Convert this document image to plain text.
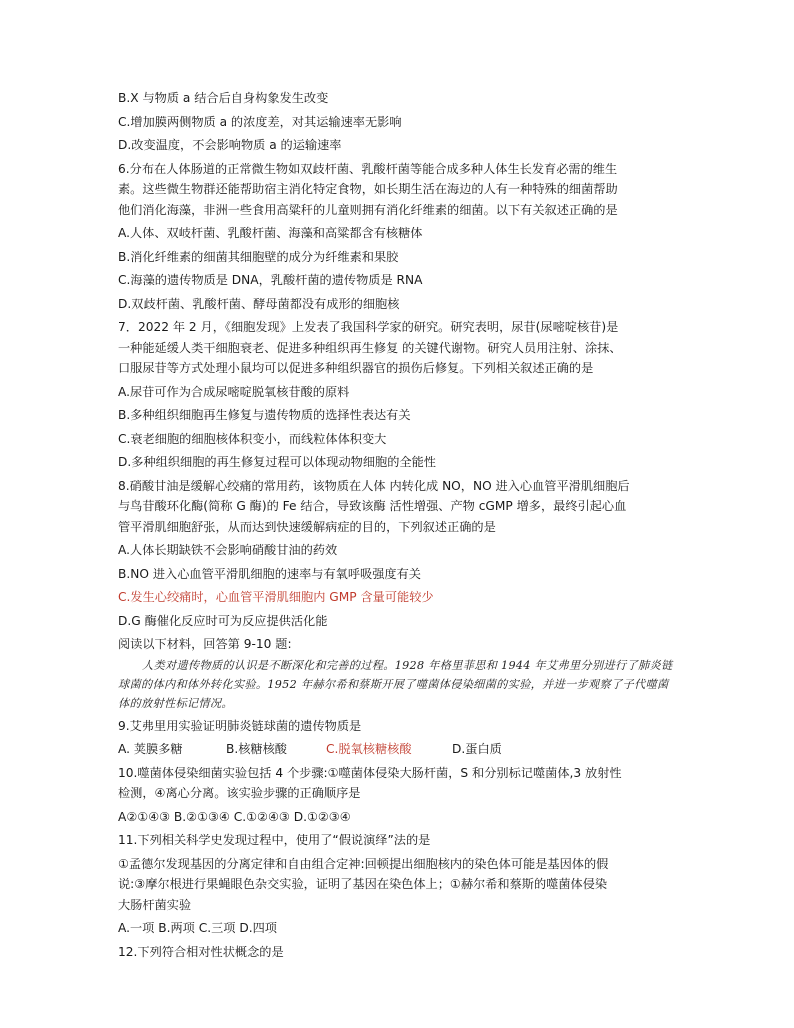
B.X 与物质 a 结合后自身构象发生改变

C.增加膜两侧物质 a 的浓度差，对其运输速率无影响

D.改变温度，不会影响物质 a 的运输速率

6.分布在人体肠道的正常微生物如双歧杆菌、乳酸杆菌等能合成多种人体生长发育必需的维生

素。这些微生物群还能帮助宿主消化特定食物，如长期生活在海边的人有一种特殊的细菌帮助

他们消化海藻，非洲一些食用高粱秆的儿童则拥有消化纤维素的细菌。以下有关叙述正确的是

A.人体、双岐杆菌、乳酸杆菌、海藻和高粱都含有核糖体

B.消化纤维素的细菌其细胞壁的成分为纤维素和果胶

C.海藻的遗传物质是 DNA，乳酸杆菌的遗传物质是 RNA

D.双歧杆菌、乳酸杆菌、酵母菌都没有成形的细胞核

7．2022 年 2 月，《细胞发现》上发表了我国科学家的研究。研究表明，尿苷(尿嘧啶核苷)是

一种能延缓人类干细胞衰老、促进多种组织再生修复 的关键代谢物。研究人员用注射、涂抹、

口服尿苷等方式处理小鼠均可以促进多种组织器官的损伤后修复。下列相关叙述正确的是

A.尿苷可作为合成尿嘧啶脱氧核苷酸的原料

B.多种组织细胞再生修复与遗传物质的选择性表达有关

C.衰老细胞的细胞核体积变小，而线粒体体积变大

D.多种组织细胞的再生修复过程可以体现动物细胞的全能性

8.硝酸甘油是缓解心绞痛的常用药，该物质在人体 内转化成 NO，NO 进入心血管平滑肌细胞后

与鸟苷酸环化酶(简称 G 酶)的 Fe 结合，导致该酶 活性增强、产物 cGMP 增多，最终引起心血

管平滑肌细胞舒张，从而达到快速缓解病症的目的，下列叙述正确的是

A.人体长期缺铁不会影响硝酸甘油的药效

B.NO 进入心血管平滑肌细胞的速率与有氧呼吸强度有关

C.发生心绞痛时，心血管平滑肌细胞内 GMP 含量可能较少

D.G 酶催化反应时可为反应提供活化能

阅读以下材料，回答第 9-10 题:

人类对遗传物质的认识是不断深化和完善的过程。1928 年格里菲思和 1944 年艾弗里分别进行了肺炎链球菌的体内和体外转化实验。1952 年赫尔希和蔡斯开展了噬菌体侵染细菌的实验，并进一步观察了子代噬菌体的放射性标记情况。

9.艾弗里用实验证明肺炎链球菌的遗传物质是

A. 荚膜多糖	B.核糖核酸	C.脱氧核糖核酸	D.蛋白质

10.噬菌体侵染细菌实验包括 4 个步骤:①噬菌体侵染大肠杆菌，S 和分别标记噬菌体,3 放射性

检测，④离心分离。该实验步骤的正确顺序是

A②①④③ B.②①③④ C.①②④③ D.①②③④

11.下列相关科学史发现过程中，使用了“假说演绎”法的是

①孟德尔发现基因的分离定律和自由组合定神:回顿提出细胞核内的染色体可能是基因体的假

说:③摩尔根进行果蝇眼色杂交实验，证明了基因在染色体上；①赫尔希和蔡斯的噬菌体侵染

大肠杆菌实验

A.一项 B.两项 C.三项 D.四项

12.下列符合相对性状概念的是
